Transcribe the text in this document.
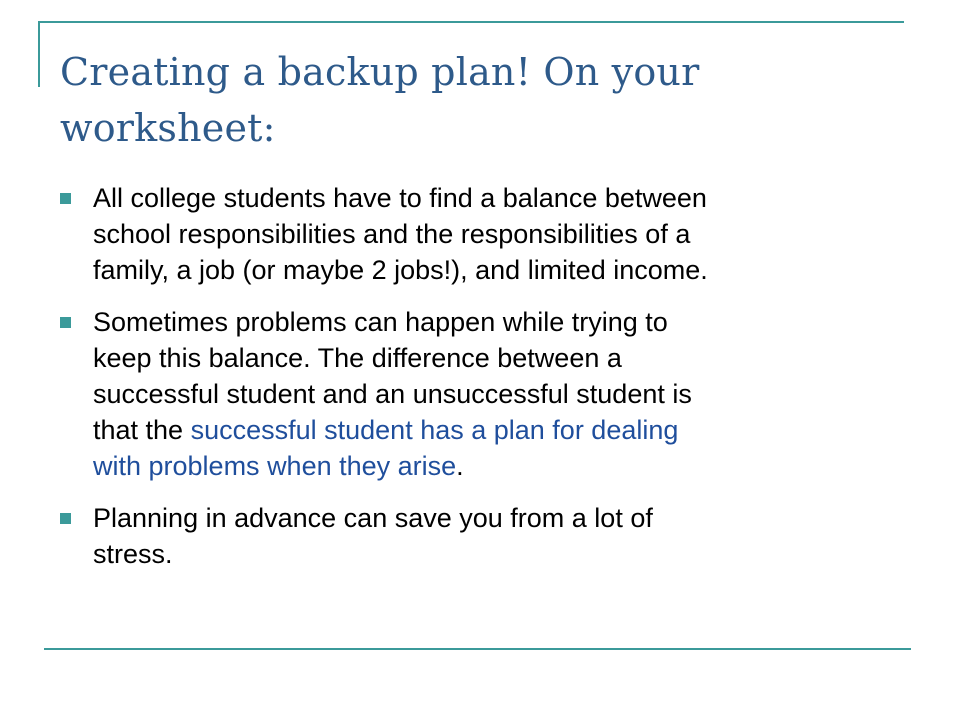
Creating a backup plan! On your
worksheet:
All college students have to find a balance between
school responsibilities and the responsibilities of a
family, a job (or maybe 2 jobs!), and limited income.
Sometimes problems can happen while trying to
keep this balance. The difference between a
successful student and an unsuccessful student is
that the successful student has a plan for dealing
with problems when they arise.
Planning in advance can save you from a lot of
stress.
